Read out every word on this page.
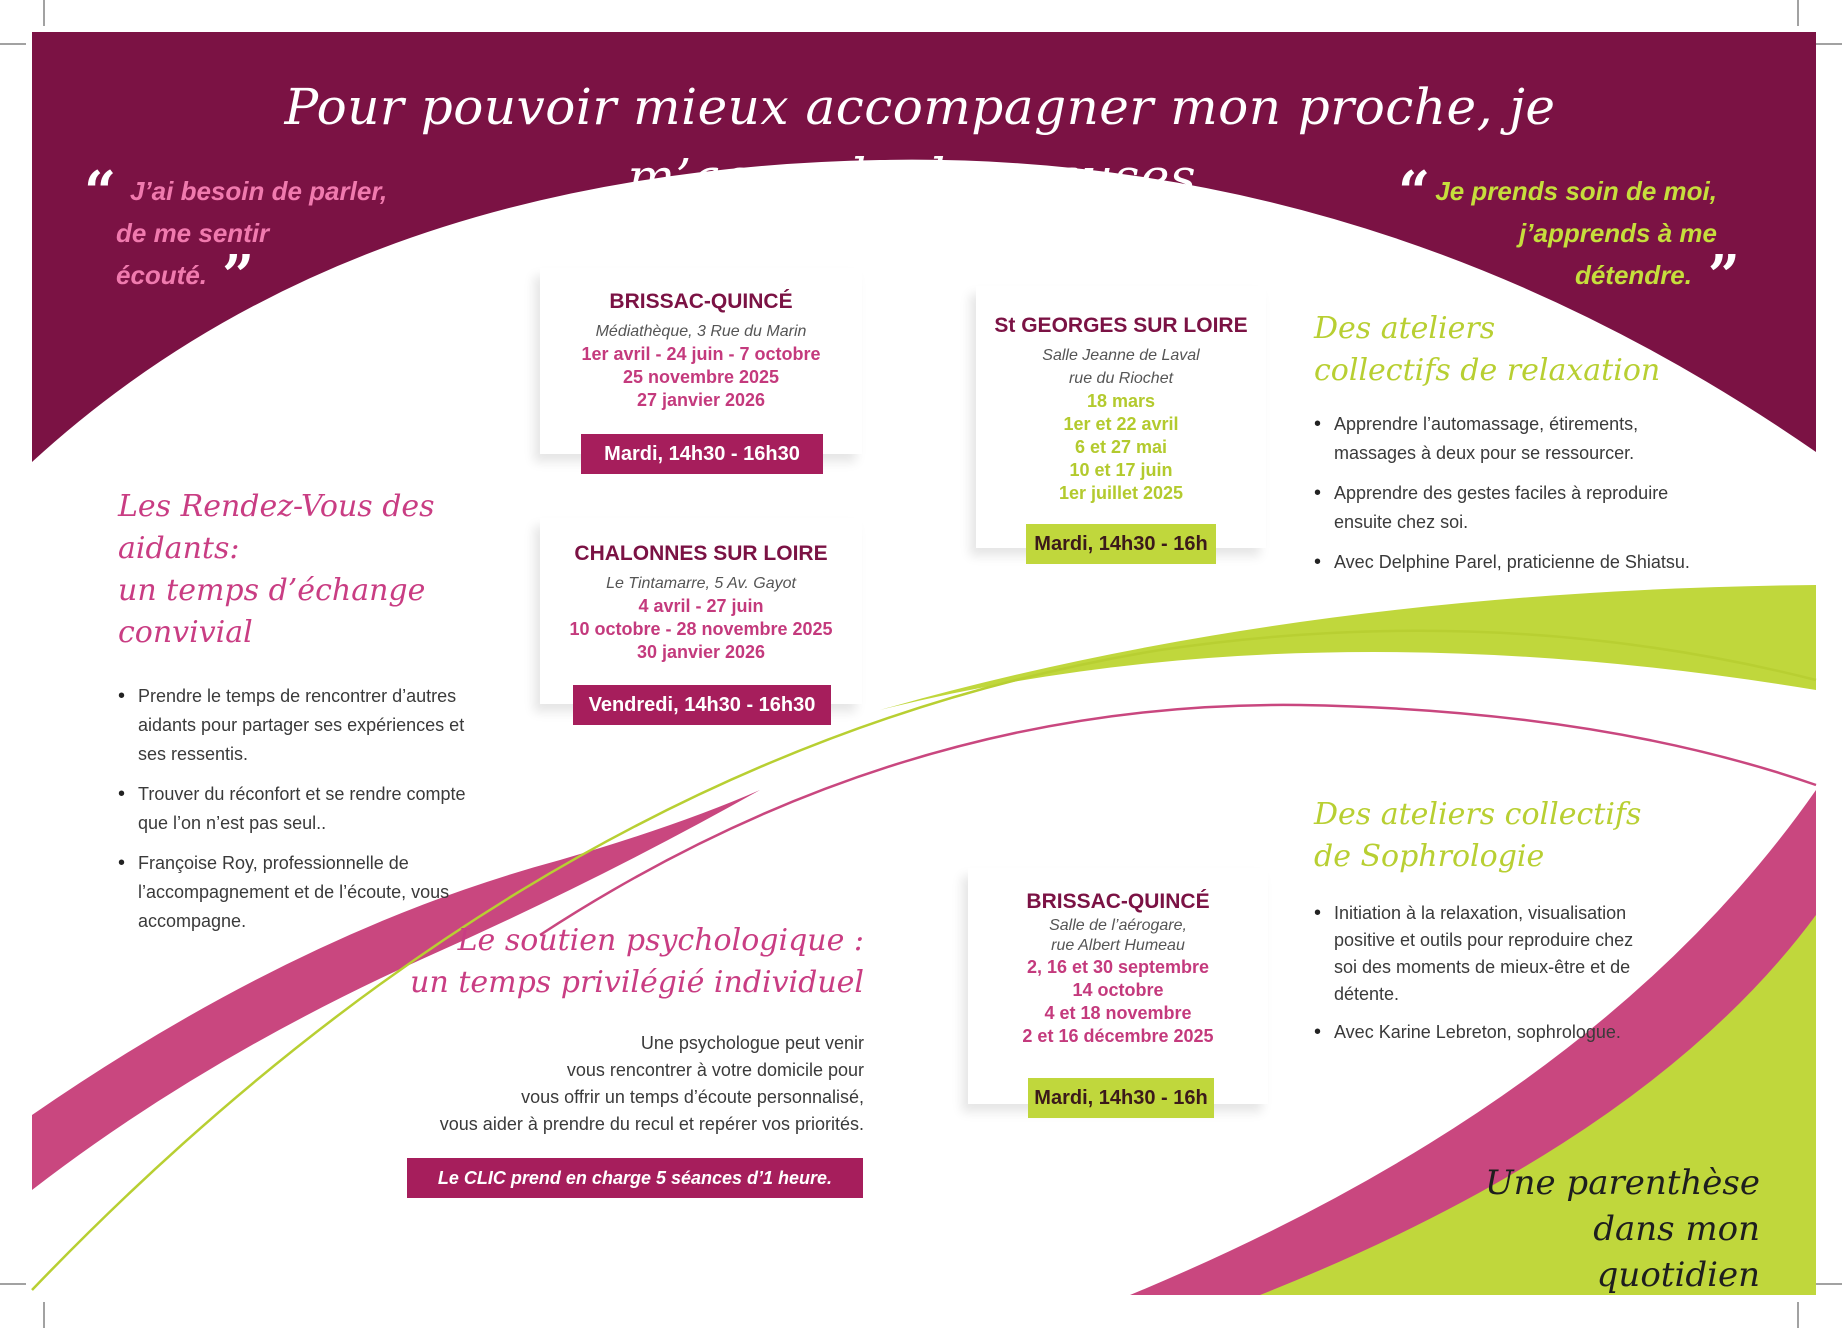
Pour pouvoir mieux accompagner mon proche, je m’accorde des pauses.
“ J’ai besoin de parler,
de me sentir
écouté. ”
“ Je prends soin de moi,
j’apprends à me
détendre. ”
BRISSAC-QUINCÉ
Médiathèque, 3 Rue du Marin
1er avril - 24 juin - 7 octobre
25 novembre 2025
27 janvier 2026
Mardi, 14h30 - 16h30
CHALONNES SUR LOIRE
Le Tintamarre, 5 Av. Gayot
4 avril - 27 juin
10 octobre - 28 novembre 2025
30 janvier 2026
Vendredi, 14h30 - 16h30
St GEORGES SUR LOIRE
Salle Jeanne de Laval
rue du Riochet
18 mars
1er et 22 avril
6 et 27 mai
10 et 17 juin
1er juillet 2025
Mardi, 14h30 - 16h
BRISSAC-QUINCÉ
Salle de l’aérogare,
rue Albert Humeau
2, 16 et 30 septembre
14 octobre
4 et 18 novembre
2 et 16 décembre 2025
Mardi, 14h30 - 16h
Les Rendez-Vous des aidants:
un temps d’échange convivial
• Prendre le temps de rencontrer d’autres aidants pour partager ses expériences et ses ressentis.
• Trouver du réconfort et se rendre compte que l’on n’est pas seul..
• Françoise Roy, professionnelle de l’accompagnement et de l’écoute, vous accompagne.
Des ateliers
collectifs de relaxation
• Apprendre l’automassage, étirements, massages à deux pour se ressourcer.
• Apprendre des gestes faciles à reproduire ensuite chez soi.
• Avec Delphine Parel, praticienne de Shiatsu.
Des ateliers collectifs
de Sophrologie
• Initiation à la relaxation, visualisation positive et outils pour reproduire chez soi des moments de mieux-être et de détente.
• Avec Karine Lebreton, sophrologue.
Le soutien psychologique :
un temps privilégié individuel
Une psychologue peut venir
vous rencontrer à votre domicile pour
vous offrir un temps d’écoute personnalisé,
vous aider à prendre du recul et repérer vos priorités.
Le CLIC prend en charge 5 séances d’1 heure.	Une parenthèse
dans mon quotidien
